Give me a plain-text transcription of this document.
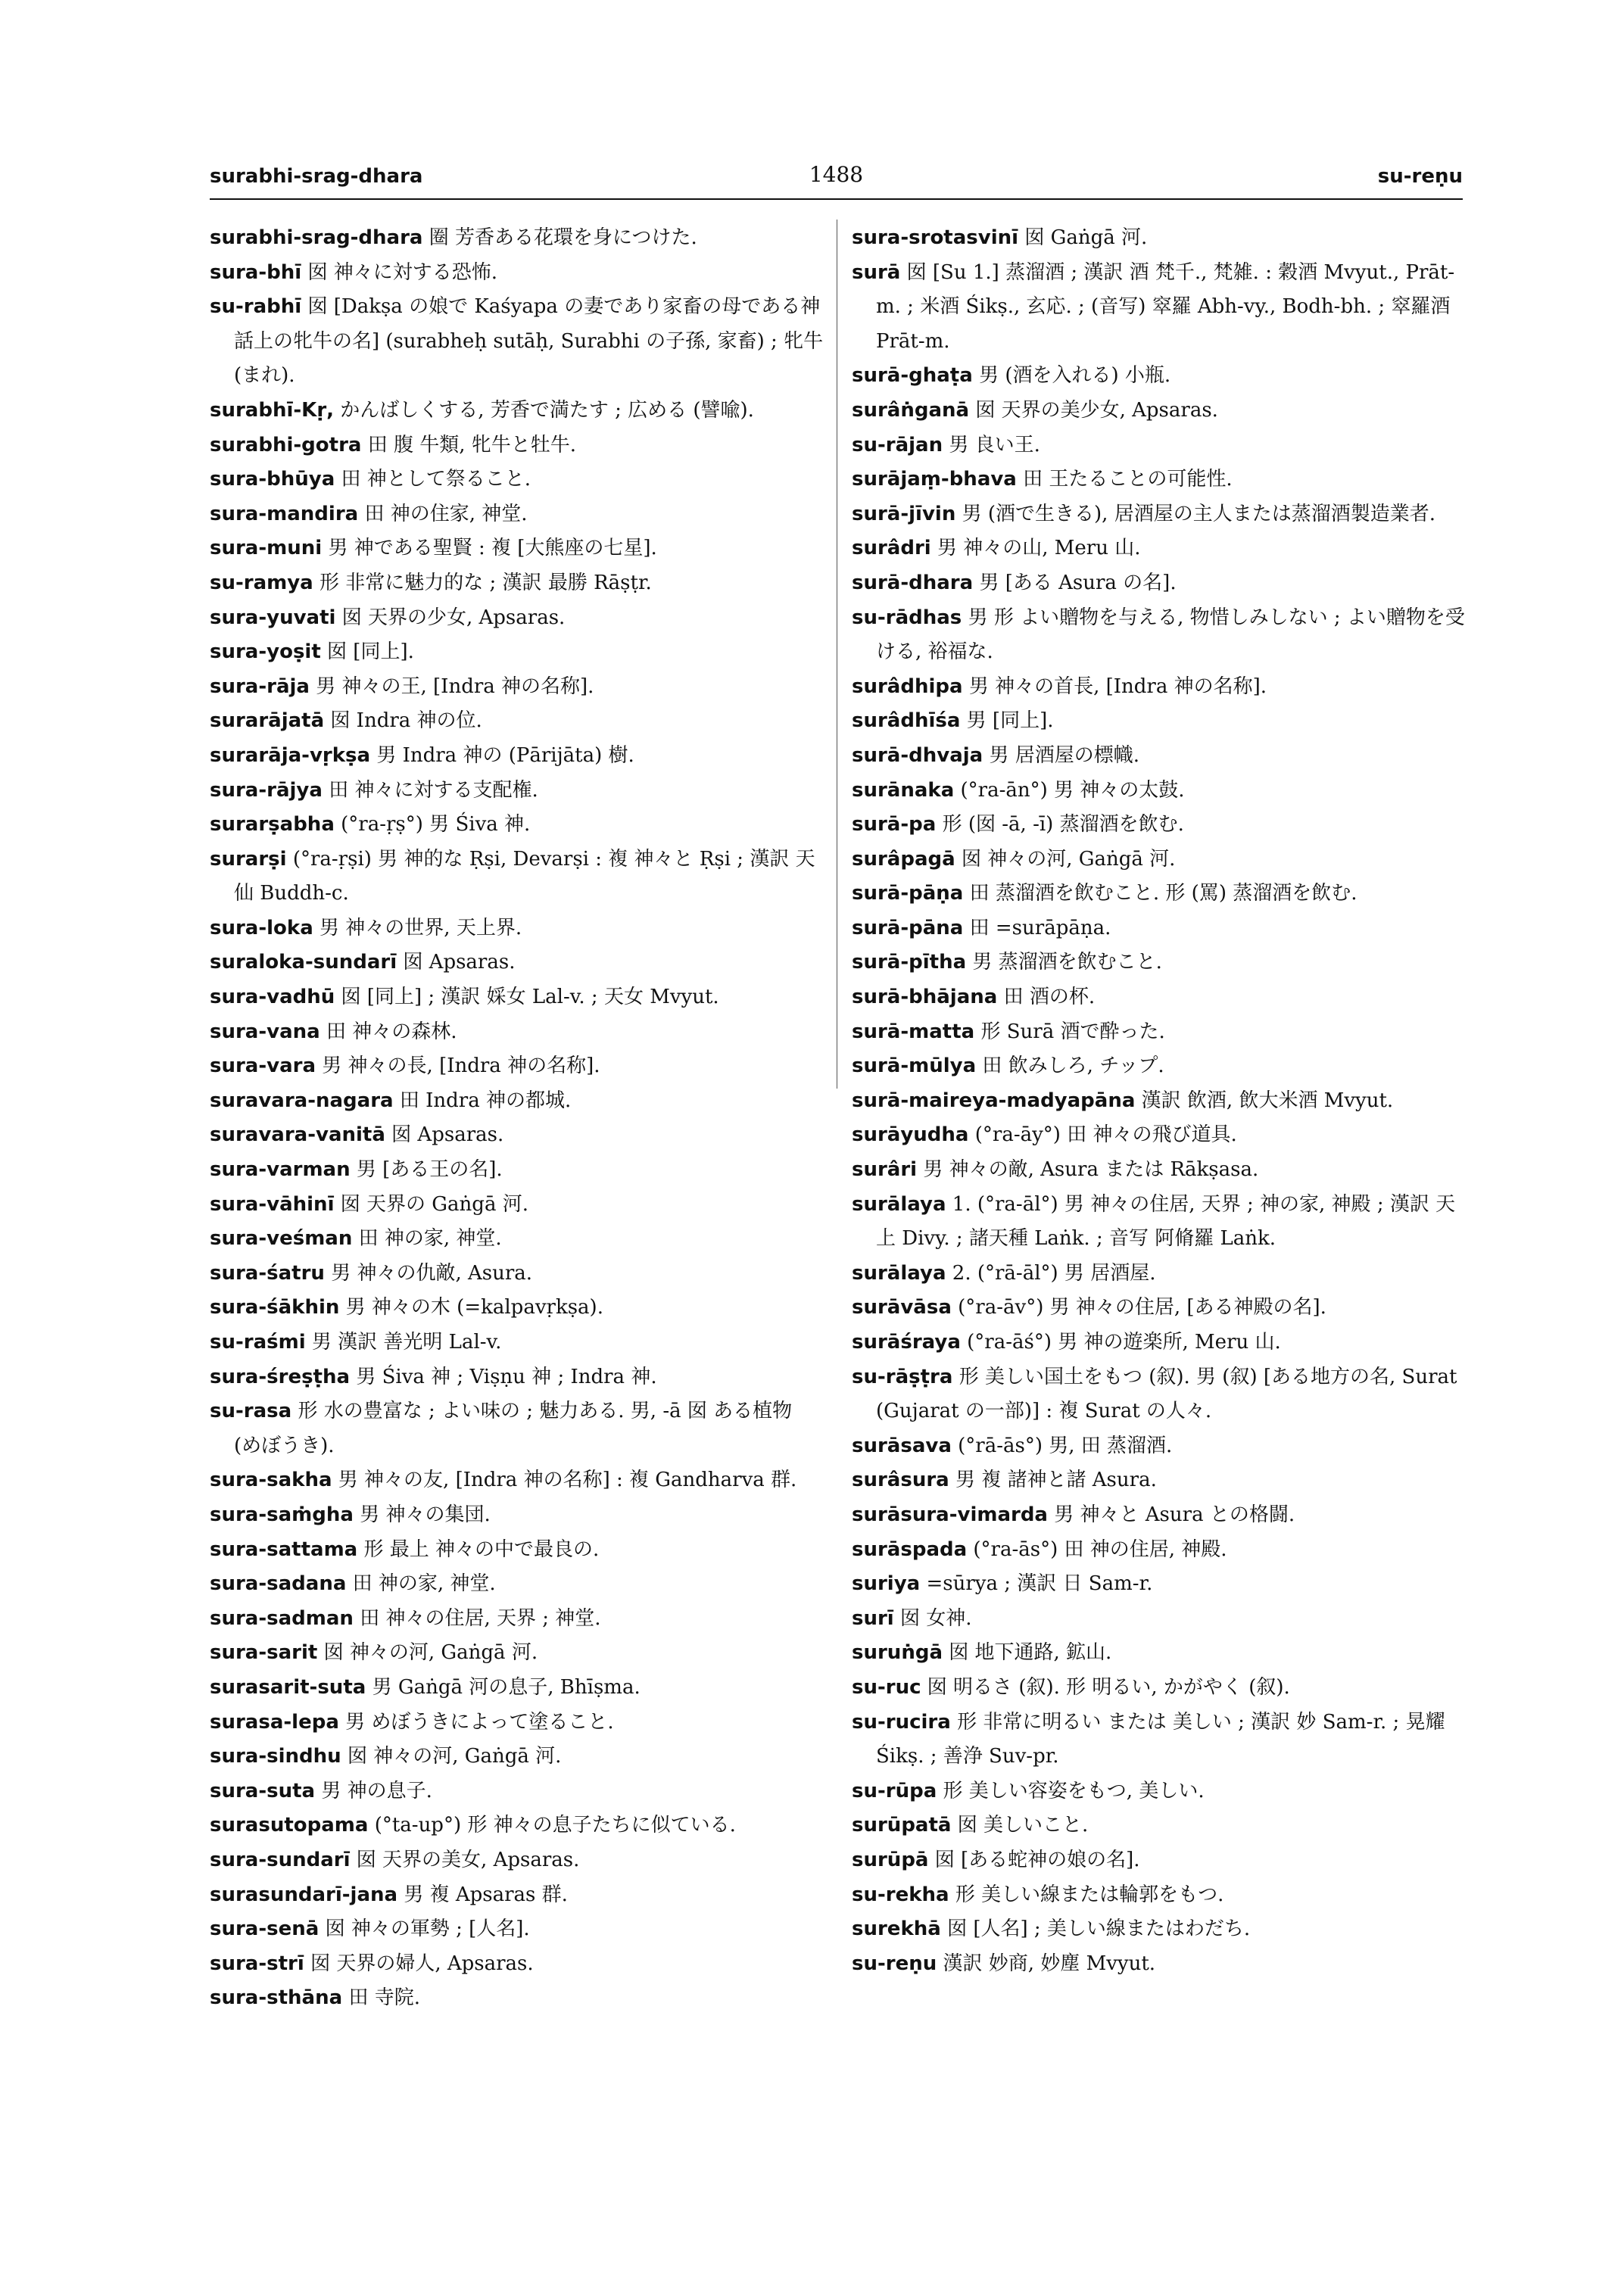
surabhi-srag-dhara	1488	su-reṇu

surabhi-srag-dhara 圈 芳香ある花環を身につけた.

sura-bhī 囡 神々に対する恐怖.

su-rabhī 囡 [Dakṣa の娘で Kaśyapa の妻であり家畜の母である神話上の牝牛の名] (surabheḥ sutāḥ, Surabhi の子孫, 家畜) ; 牝牛 (まれ).

surabhī-Kṛ, かんばしくする, 芳香で満たす ; 広める (譬喩).

surabhi-gotra 田 腹 牛類, 牝牛と牡牛.

sura-bhūya 田 神として祭ること.

sura-mandira 田 神の住家, 神堂.

sura-muni 男 神である聖賢 : 複 [大熊座の七星].

su-ramya 形 非常に魅力的な ; 漢訳 最勝 Rāṣṭr.

sura-yuvati 囡 天界の少女, Apsaras.

sura-yoṣit 囡 [同上].

sura-rāja 男 神々の王, [Indra 神の名称].

surarājatā 囡 Indra 神の位.

surarāja-vṛkṣa 男 Indra 神の (Pārijāta) 樹.

sura-rājya 田 神々に対する支配権.

surarṣabha (°ra-ṛṣ°) 男 Śiva 神.

surarṣi (°ra-ṛṣi) 男 神的な Ṛṣi, Devarṣi : 複 神々と Ṛṣi ; 漢訳 天仙 Buddh-c.

sura-loka 男 神々の世界, 天上界.

suraloka-sundarī 囡 Apsaras.

sura-vadhū 囡 [同上] ; 漢訳 婇女 Lal-v. ; 天女 Mvyut.

sura-vana 田 神々の森林.

sura-vara 男 神々の長, [Indra 神の名称].

suravara-nagara 田 Indra 神の都城.

suravara-vanitā 囡 Apsaras.

sura-varman 男 [ある王の名].

sura-vāhinī 囡 天界の Gaṅgā 河.

sura-veśman 田 神の家, 神堂.

sura-śatru 男 神々の仇敵, Asura.

sura-śākhin 男 神々の木 (=kalpavṛkṣa).

su-raśmi 男 漢訳 善光明 Lal-v.

sura-śreṣṭha 男 Śiva 神 ; Viṣṇu 神 ; Indra 神.

su-rasa 形 水の豊富な ; よい味の ; 魅力ある. 男, -ā 囡 ある植物 (めぼうき).

sura-sakha 男 神々の友, [Indra 神の名称] : 複 Gandharva 群.

sura-saṁgha 男 神々の集団.

sura-sattama 形 最上 神々の中で最良の.

sura-sadana 田 神の家, 神堂.

sura-sadman 田 神々の住居, 天界 ; 神堂.

sura-sarit 囡 神々の河, Gaṅgā 河.

surasarit-suta 男 Gaṅgā 河の息子, Bhīṣma.

surasa-lepa 男 めぼうきによって塗ること.

sura-sindhu 囡 神々の河, Gaṅgā 河.

sura-suta 男 神の息子.

surasutopama (°ta-up°) 形 神々の息子たちに似ている.

sura-sundarī 囡 天界の美女, Apsaras.

surasundarī-jana 男 複 Apsaras 群.

sura-senā 囡 神々の軍勢 ; [人名].

sura-strī 囡 天界の婦人, Apsaras.

sura-sthāna 田 寺院.

sura-srotasvinī 囡 Gaṅgā 河.

surā 囡 [Su 1.] 蒸溜酒 ; 漢訳 酒 梵千., 梵雑. : 穀酒 Mvyut., Prāt-m. ; 米酒 Śikṣ., 玄応. ; (音写) 窣羅 Abh-vy., Bodh-bh. ; 窣羅酒 Prāt-m.

surā-ghaṭa 男 (酒を入れる) 小瓶.

surâṅganā 囡 天界の美少女, Apsaras.

su-rājan 男 良い王.

surājaṃ-bhava 田 王たることの可能性.

surā-jīvin 男 (酒で生きる), 居酒屋の主人または蒸溜酒製造業者.

surâdri 男 神々の山, Meru 山.

surā-dhara 男 [ある Asura の名].

su-rādhas 男 形 よい贈物を与える, 物惜しみしない ; よい贈物を受ける, 裕福な.

surâdhipa 男 神々の首長, [Indra 神の名称].

surâdhīśa 男 [同上].

surā-dhvaja 男 居酒屋の標幟.

surānaka (°ra-ān°) 男 神々の太鼓.

surā-pa 形 (囡 -ā, -ī) 蒸溜酒を飲む.

surâpagā 囡 神々の河, Gaṅgā 河.

surā-pāṇa 田 蒸溜酒を飲むこと. 形 (罵) 蒸溜酒を飲む.

surā-pāna 田 =surāpāṇa.

surā-pītha 男 蒸溜酒を飲むこと.

surā-bhājana 田 酒の杯.

surā-matta 形 Surā 酒で酔った.

surā-mūlya 田 飲みしろ, チップ.

surā-maireya-madyapāna 漢訳 飲酒, 飲大米酒 Mvyut.

surāyudha (°ra-āy°) 田 神々の飛び道具.

surâri 男 神々の敵, Asura または Rākṣasa.

surālaya 1. (°ra-āl°) 男 神々の住居, 天界 ; 神の家, 神殿 ; 漢訳 天上 Divy. ; 諸天種 Laṅk. ; 音写 阿脩羅 Laṅk.

surālaya 2. (°rā-āl°) 男 居酒屋.

surāvāsa (°ra-āv°) 男 神々の住居, [ある神殿の名].

surāśraya (°ra-āś°) 男 神の遊楽所, Meru 山.

su-rāṣṭra 形 美しい国土をもつ (叙). 男 (叙) [ある地方の名, Surat (Gujarat の一部)] : 複 Surat の人々.

surāsava (°rā-ās°) 男, 田 蒸溜酒.

surâsura 男 複 諸神と諸 Asura.

surāsura-vimarda 男 神々と Asura との格闘.

surāspada (°ra-ās°) 田 神の住居, 神殿.

suriya =sūrya ; 漢訳 日 Sam-r.

surī 囡 女神.

suruṅgā 囡 地下通路, 鉱山.

su-ruc 囡 明るさ (叙). 形 明るい, かがやく (叙).

su-rucira 形 非常に明るい または 美しい ; 漢訳 妙 Sam-r. ; 晃耀 Śikṣ. ; 善浄 Suv-pr.

su-rūpa 形 美しい容姿をもつ, 美しい.

surūpatā 囡 美しいこと.

surūpā 囡 [ある蛇神の娘の名].

su-rekha 形 美しい線または輪郭をもつ.

surekhā 囡 [人名] ; 美しい線またはわだち.

su-reṇu 漢訳 妙商, 妙塵 Mvyut.
